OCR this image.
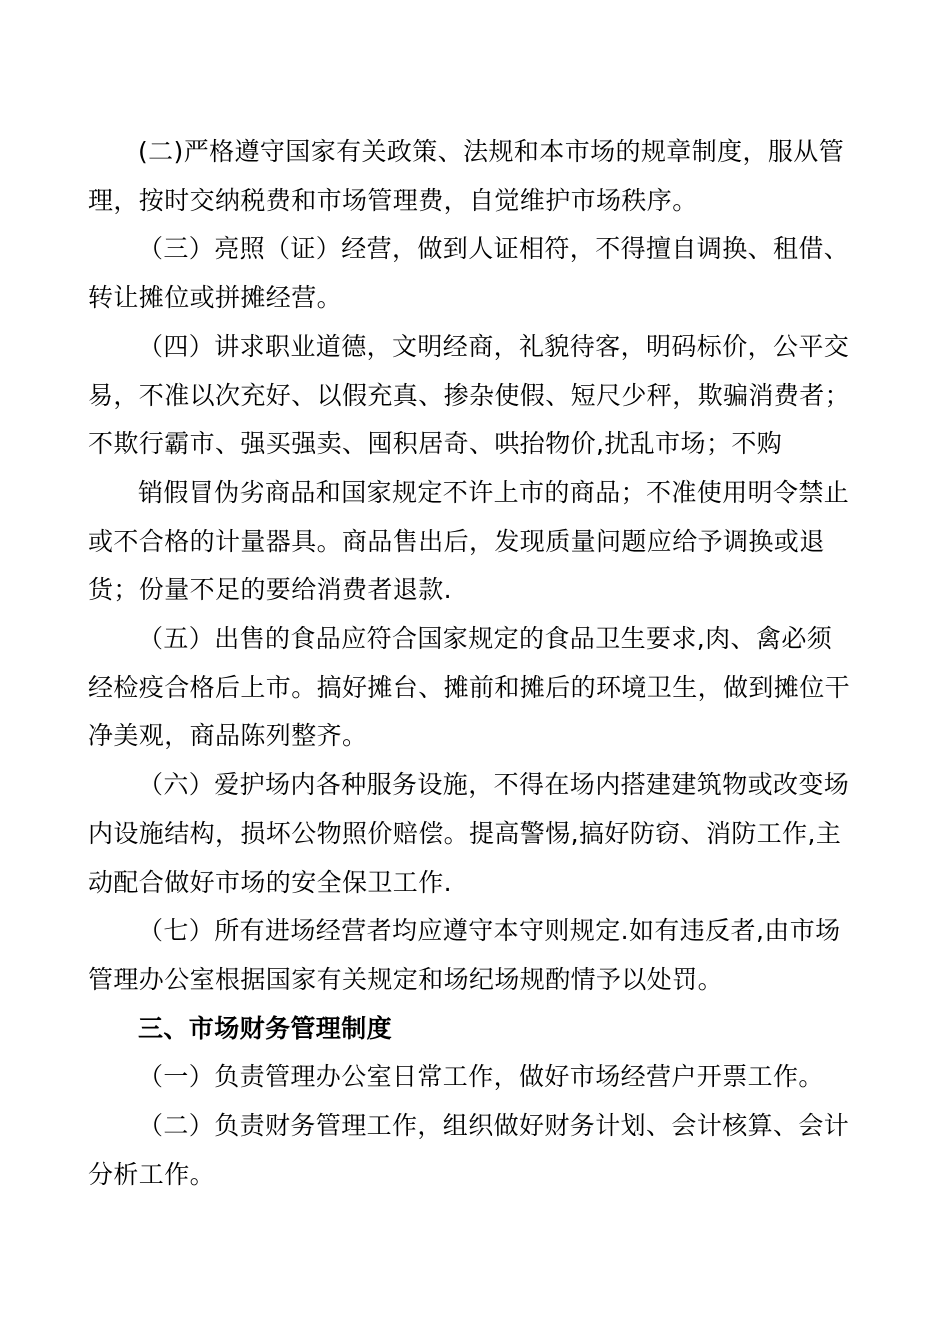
(二)严格遵守国家有关政策、法规和本市场的规章制度，服从管理，按时交纳税费和市场管理费，自觉维护市场秩序。

（三）亮照（证）经营，做到人证相符，不得擅自调换、租借、转让摊位或拼摊经营。

（四）讲求职业道德，文明经商，礼貌待客，明码标价，公平交易，不准以次充好、以假充真、掺杂使假、短尺少秤，欺骗消费者；不欺行霸市、强买强卖、囤积居奇、哄抬物价,扰乱市场；不购

销假冒伪劣商品和国家规定不许上市的商品；不准使用明令禁止或不合格的计量器具。商品售出后，发现质量问题应给予调换或退货；份量不足的要给消费者退款.

（五）出售的食品应符合国家规定的食品卫生要求,肉、禽必须经检疫合格后上市。搞好摊台、摊前和摊后的环境卫生，做到摊位干净美观，商品陈列整齐。

（六）爱护场内各种服务设施，不得在场内搭建建筑物或改变场内设施结构，损坏公物照价赔偿。提高警惕,搞好防窃、消防工作,主动配合做好市场的安全保卫工作.

（七）所有进场经营者均应遵守本守则规定.如有违反者,由市场管理办公室根据国家有关规定和场纪场规酌情予以处罚。

三、市场财务管理制度

（一）负责管理办公室日常工作，做好市场经营户开票工作。

（二）负责财务管理工作，组织做好财务计划、会计核算、会计分析工作。
